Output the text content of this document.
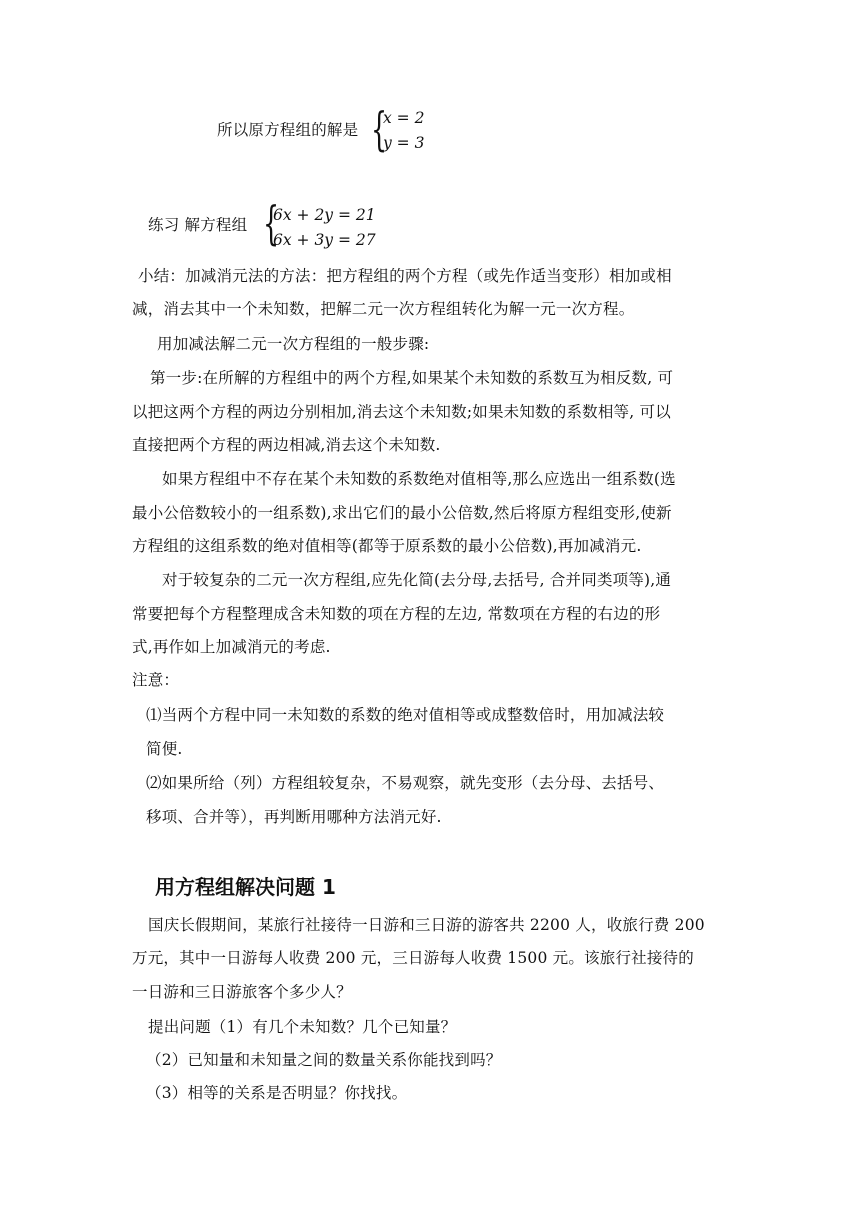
所以原方程组的解是 {
x = 2
y = 3
练习 解方程组 {
6x + 2y = 21
6x + 3y = 27
小结：加减消元法的方法：把方程组的两个方程（或先作适当变形）相加或相
减，消去其中一个未知数，把解二元一次方程组转化为解一元一次方程。
用加减法解二元一次方程组的一般步骤:
第一步:在所解的方程组中的两个方程,如果某个未知数的系数互为相反数, 可
以把这两个方程的两边分别相加,消去这个未知数;如果未知数的系数相等, 可以
直接把两个方程的两边相减,消去这个未知数.
如果方程组中不存在某个未知数的系数绝对值相等,那么应选出一组系数(选
最小公倍数较小的一组系数),求出它们的最小公倍数,然后将原方程组变形,使新
方程组的这组系数的绝对值相等(都等于原系数的最小公倍数),再加减消元.
对于较复杂的二元一次方程组,应先化简(去分母,去括号, 合并同类项等),通
常要把每个方程整理成含未知数的项在方程的左边, 常数项在方程的右边的形
式,再作如上加减消元的考虑.
注意：
⑴当两个方程中同一未知数的系数的绝对值相等或成整数倍时，用加减法较
简便.
⑵如果所给（列）方程组较复杂，不易观察，就先变形（去分母、去括号、
移项、合并等），再判断用哪种方法消元好.
用方程组解决问题 1
国庆长假期间，某旅行社接待一日游和三日游的游客共 2200 人，收旅行费 200
万元，其中一日游每人收费 200 元，三日游每人收费 1500 元。该旅行社接待的
一日游和三日游旅客个多少人？
提出问题（1）有几个未知数？几个已知量？
（2）已知量和未知量之间的数量关系你能找到吗？
（3）相等的关系是否明显？你找找。
